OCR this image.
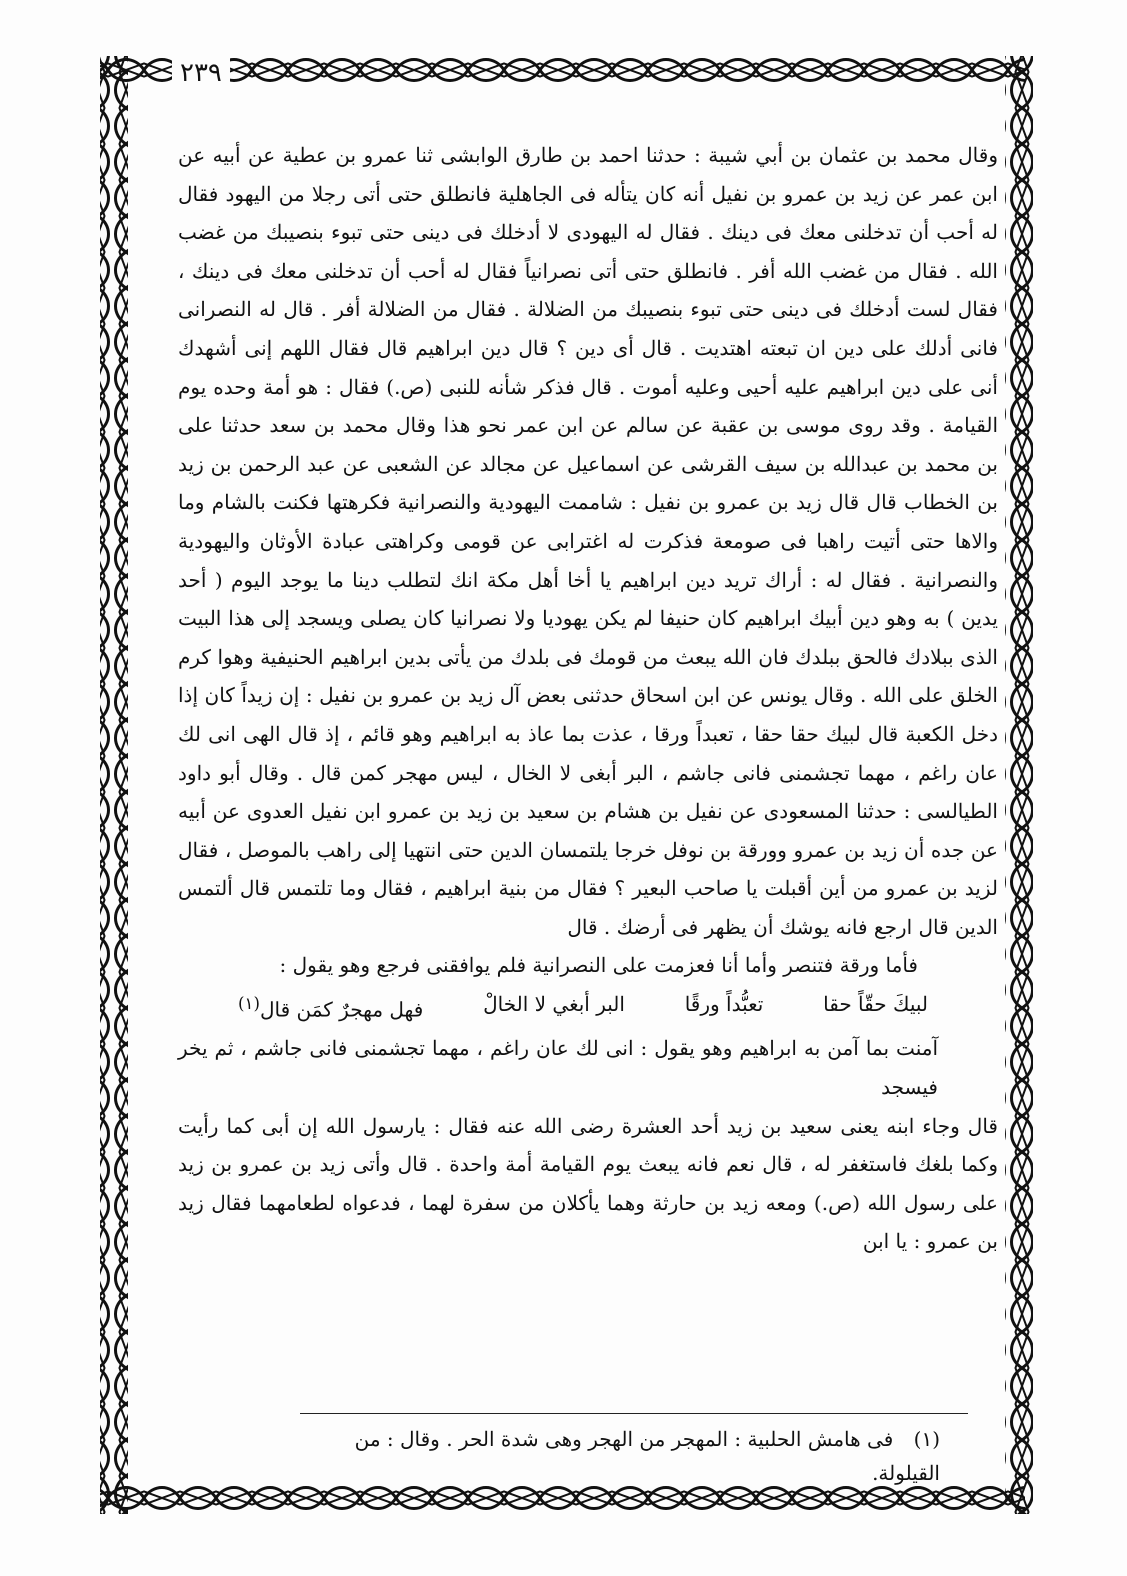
٢٣٩

وقال محمد بن عثمان بن أبي شيبة : حدثنا احمد بن طارق الوابشى ثنا عمرو بن عطية عن أبيه عن ابن عمر عن زيد بن عمرو بن نفيل أنه كان يتأله فى الجاهلية فانطلق حتى أتى رجلا من اليهود فقال له أحب أن تدخلنى معك فى دينك . فقال له اليهودى لا أدخلك فى دينى حتى تبوء بنصيبك من غضب الله . فقال من غضب الله أفر . فانطلق حتى أتى نصرانياً فقال له أحب أن تدخلنى معك فى دينك ، فقال لست أدخلك فى دينى حتى تبوء بنصيبك من الضلالة . فقال من الضلالة أفر . قال له النصرانى فانى أدلك على دين ان تبعته اهتديت . قال أى دين ؟ قال دين ابراهيم قال فقال اللهم إنى أشهدك أنى على دين ابراهيم عليه أحيى وعليه أموت . قال فذكر شأنه للنبى (ص.) فقال : هو أمة وحده يوم القيامة . وقد روى موسى بن عقبة عن سالم عن ابن عمر نحو هذا وقال محمد بن سعد حدثنا على بن محمد بن عبدالله بن سيف القرشى عن اسماعيل عن مجالد عن الشعبى عن عبد الرحمن بن زيد بن الخطاب قال قال زيد بن عمرو بن نفيل : شاممت اليهودية والنصرانية فكرهتها فكنت بالشام وما والاها حتى أتيت راهبا فى صومعة فذكرت له اغترابى عن قومى وكراهتى عبادة الأوثان واليهودية والنصرانية . فقال له : أراك تريد دين ابراهيم يا أخا أهل مكة انك لتطلب دينا ما يوجد اليوم ( أحد يدين ) به وهو دين أبيك ابراهيم كان حنيفا لم يكن يهوديا ولا نصرانيا كان يصلى ويسجد إلى هذا البيت الذى ببلادك فالحق ببلدك فان الله يبعث من قومك فى بلدك من يأتى بدين ابراهيم الحنيفية وهوا كرم الخلق على الله . وقال يونس عن ابن اسحاق حدثنى بعض آل زيد بن عمرو بن نفيل : إن زيداً كان إذا دخل الكعبة قال لبيك حقا حقا ، تعبداً ورقا ، عذت بما عاذ به ابراهيم وهو قائم ، إذ قال الهى انى لك عان راغم ، مهما تجشمنى فانى جاشم ، البر أبغى لا الخال ، ليس مهجر كمن قال . وقال أبو داود الطيالسى : حدثنا المسعودى عن نفيل بن هشام بن سعيد بن زيد بن عمرو ابن نفيل العدوى عن أبيه عن جده أن زيد بن عمرو وورقة بن نوفل خرجا يلتمسان الدين حتى انتهيا إلى راهب بالموصل ، فقال لزيد بن عمرو من أين أقبلت يا صاحب البعير ؟ فقال من بنية ابراهيم ، فقال وما تلتمس قال ألتمس الدين قال ارجع فانه يوشك أن يظهر فى أرضك . قال

فأما ورقة فتنصر وأما أنا فعزمت على النصرانية فلم يوافقنى فرجع وهو يقول :

لبيكَ حقّاً حقا
تعبُّداً ورقًا
البر أبغي لا الخالْ
فهل مهجرٌ كمَن قال$^{(١)}$

آمنت بما آمن به ابراهيم وهو يقول : انى لك عان راغم ، مهما تجشمنى فانى جاشم ، ثم يخر فيسجد

قال وجاء ابنه يعنى سعيد بن زيد أحد العشرة رضى الله عنه فقال : يارسول الله إن أبى كما رأيت وكما بلغك فاستغفر له ، قال نعم فانه يبعث يوم القيامة أمة واحدة . قال وأتى زيد بن عمرو بن زيد على رسول الله (ص.) ومعه زيد بن حارثة وهما يأكلان من سفرة لهما ، فدعواه لطعامهما فقال زيد بن عمرو : يا ابن

(١) فى هامش الحلبية : المهجر من الهجر وهى شدة الحر . وقال : من القيلولة.
